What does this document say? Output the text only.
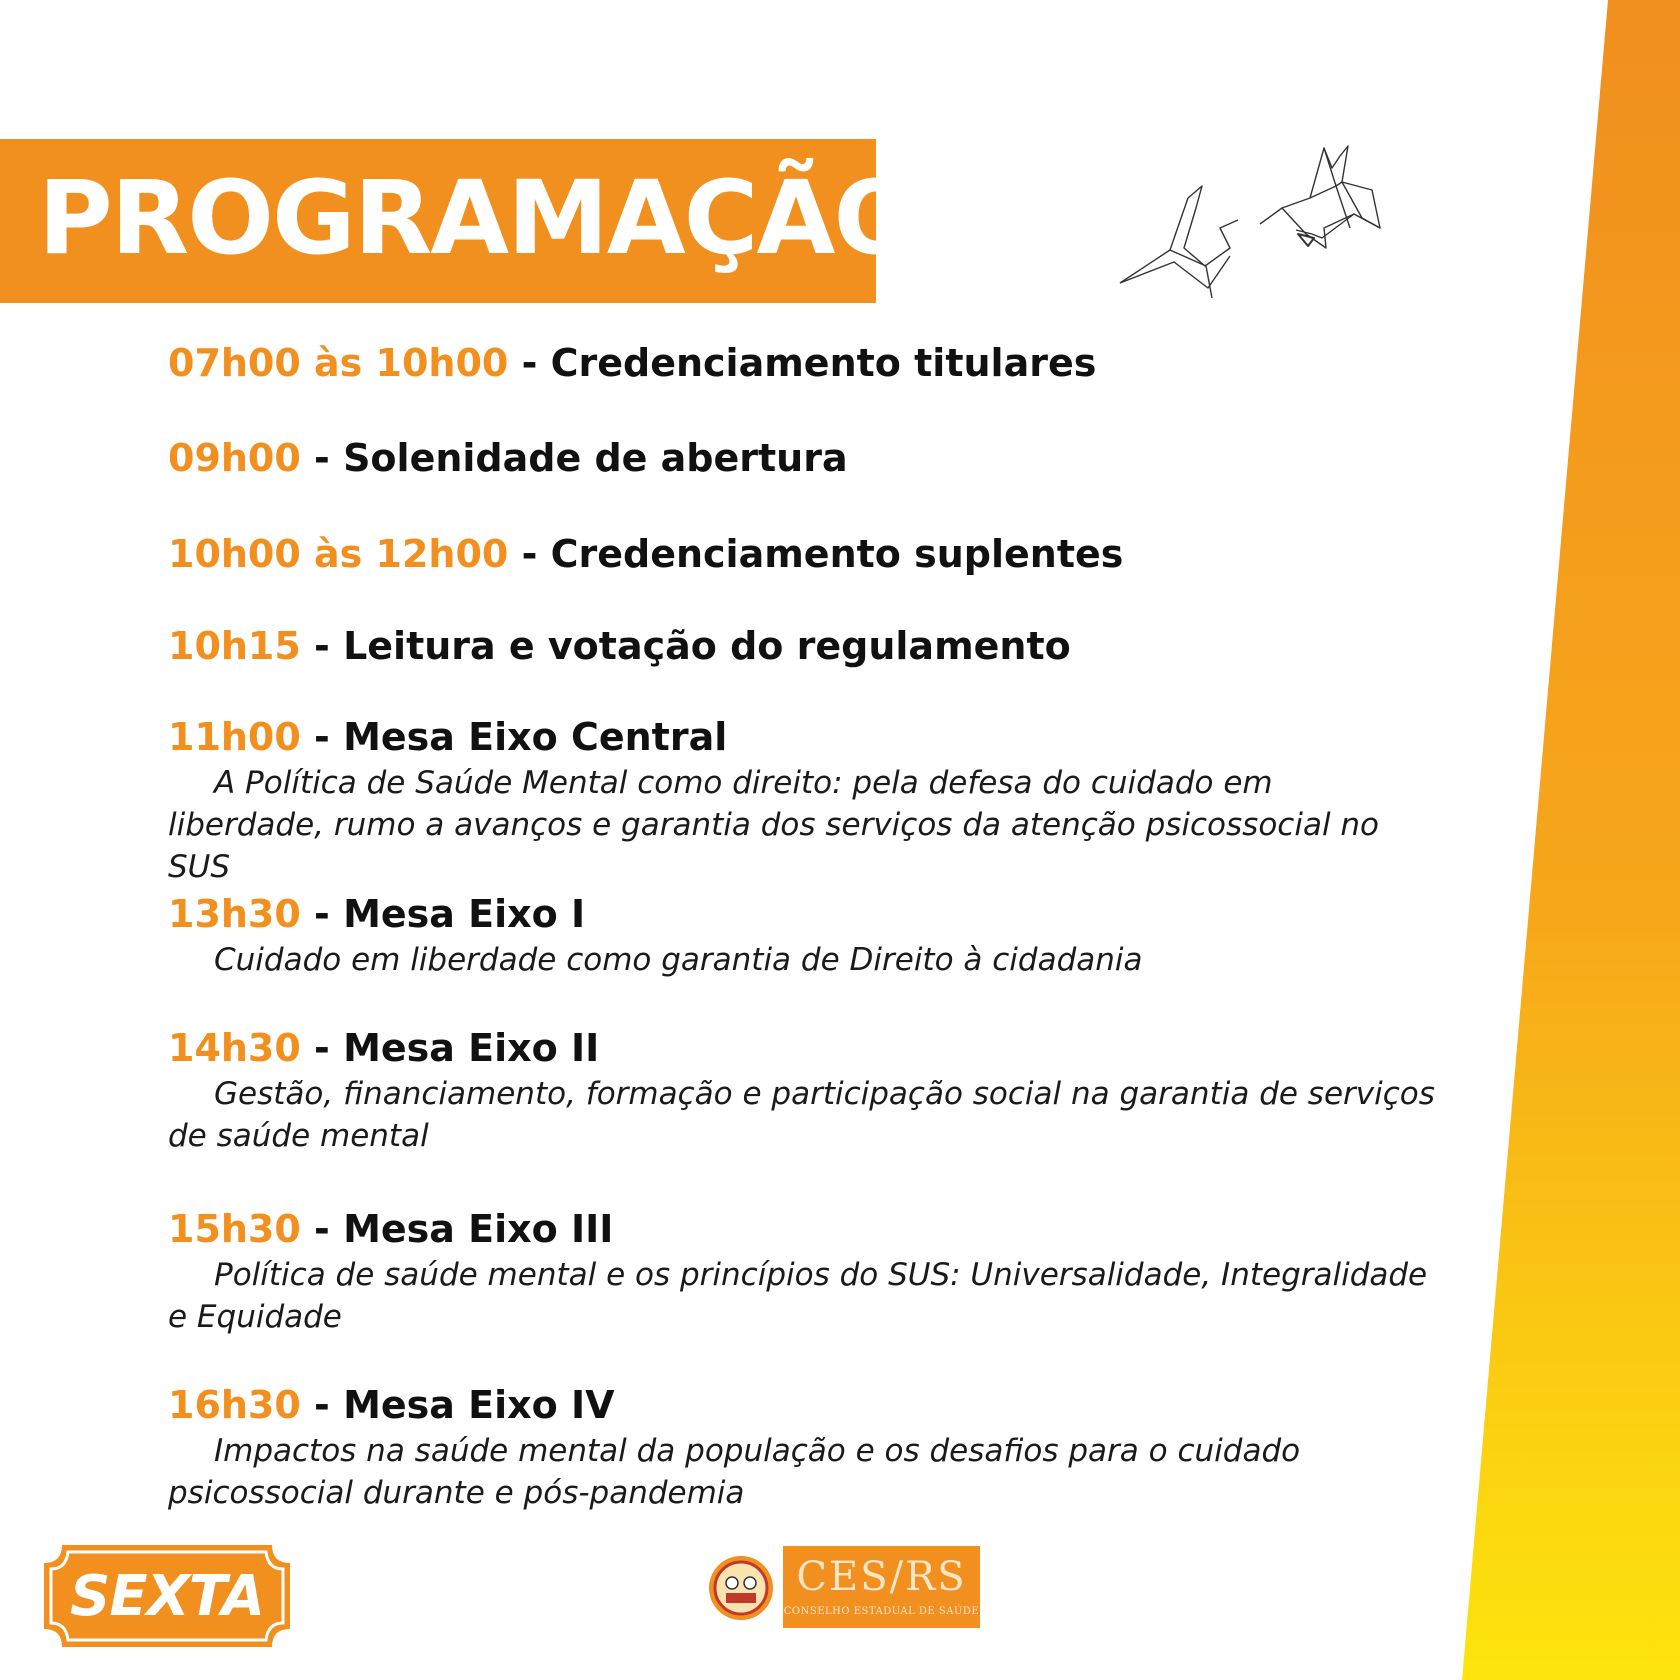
PROGRAMAÇÃO
07h00 às 10h00 - Credenciamento titulares
09h00 - Solenidade de abertura
10h00 às 12h00 - Credenciamento suplentes
10h15 - Leitura e votação do regulamento
11h00 - Mesa Eixo Central
A Política de Saúde Mental como direito: pela defesa do cuidado em liberdade, rumo a avanços e garantia dos serviços da atenção psicossocial no SUS
13h30 - Mesa Eixo I
Cuidado em liberdade como garantia de Direito à cidadania
14h30 - Mesa Eixo II
Gestão, financiamento, formação e participação social na garantia de serviços de saúde mental
15h30 - Mesa Eixo III
Política de saúde mental e os princípios do SUS: Universalidade, Integralidade e Equidade
16h30 - Mesa Eixo IV
Impactos na saúde mental da população e os desafios para o cuidado psicossocial durante e pós-pandemia
SEXTA	CES/RS
CONSELHO ESTADUAL DE SAÚDE
